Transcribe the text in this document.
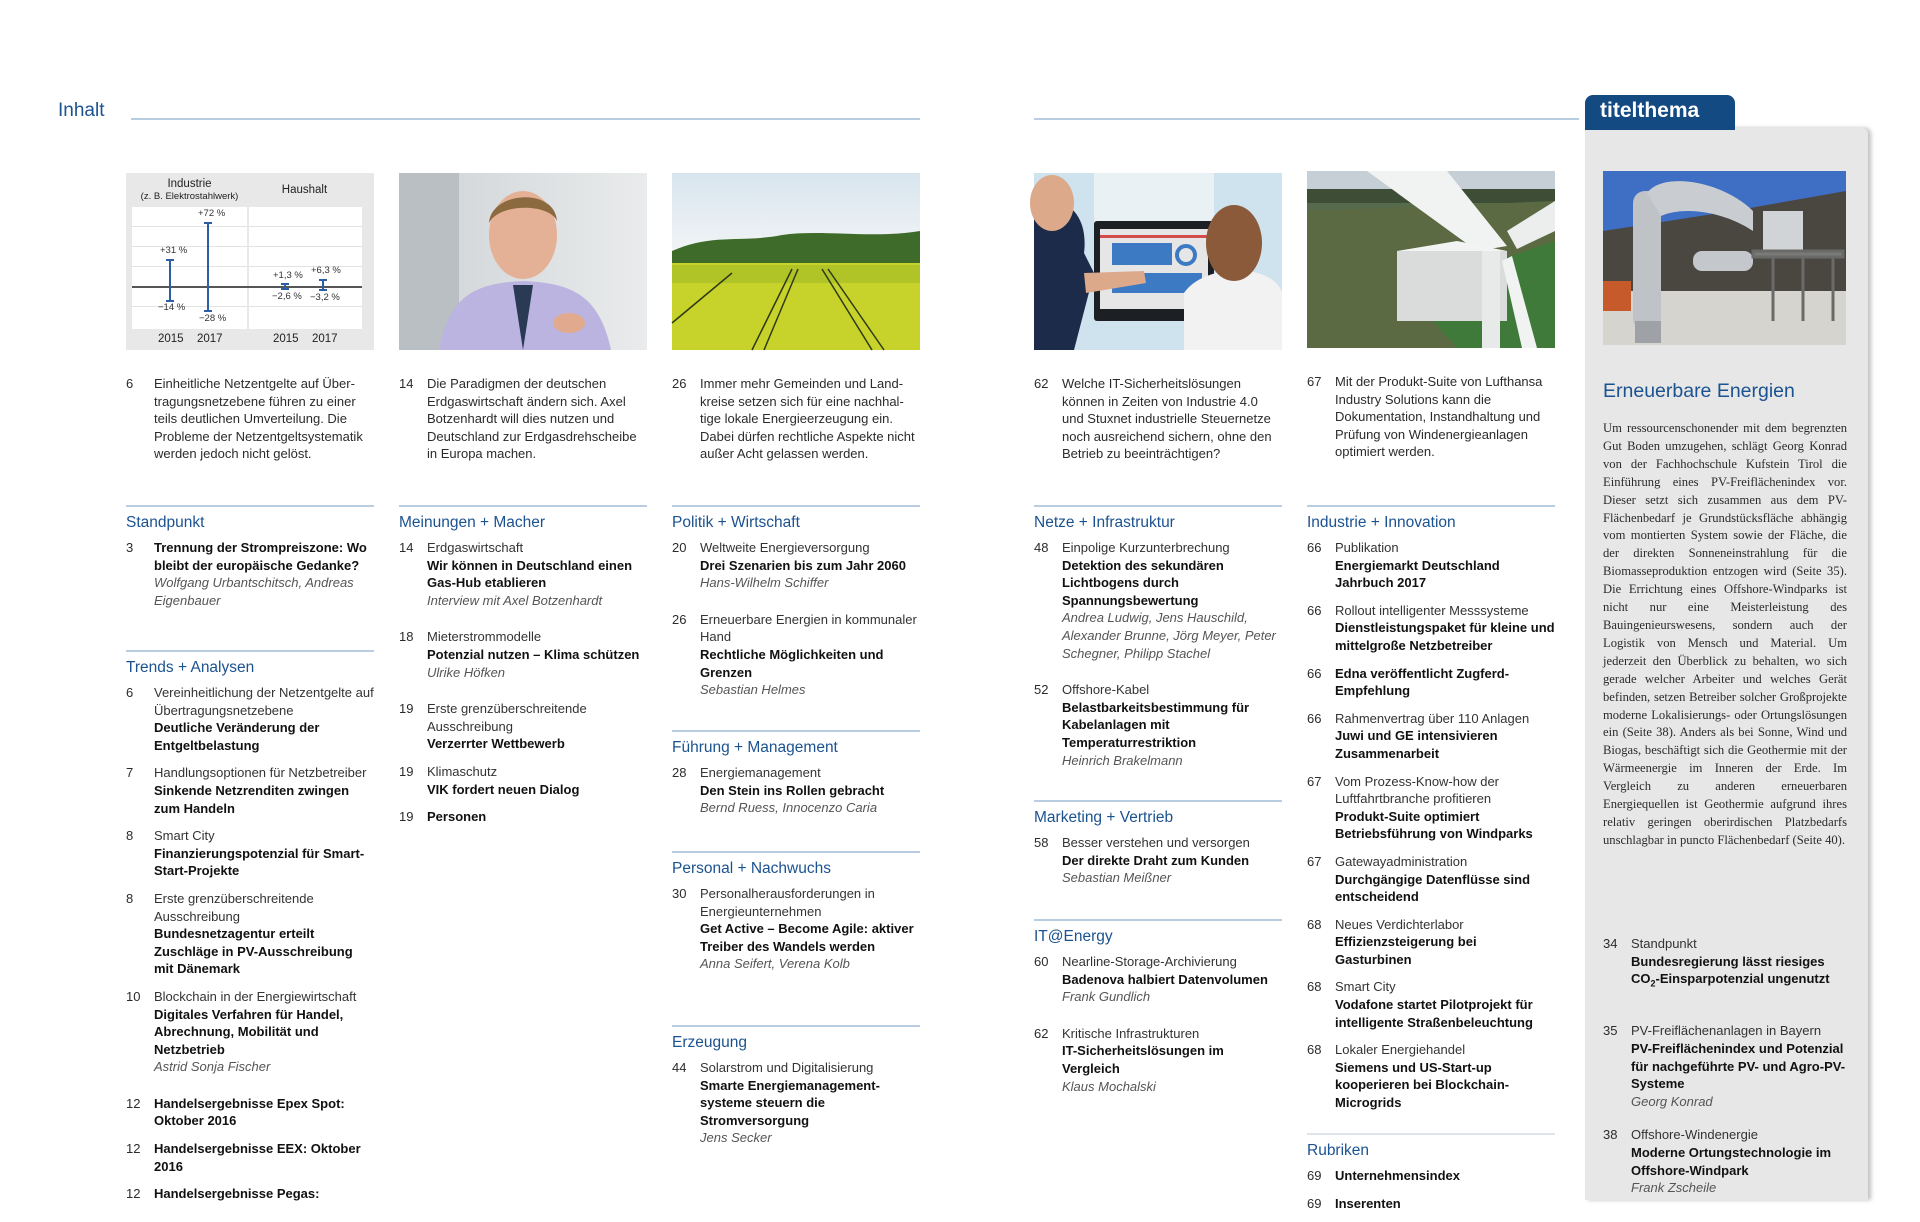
Inhalt
Industrie
(z. B. Elektrostahlwerk)
Haushalt
+31 %
−14 %
+72 %
−28 %
+1,3 %
−2,6 %
+6,3 %
−3,2 %
2015 2017	2015 2017
6	Einheitliche Netzentgelte auf Übertragungsnetzebene führen zu einer teils deutlichen Umverteilung. Die Probleme der Netzentgeltsystematik werden jedoch nicht gelöst.
14	Die Paradigmen der deutschen Erdgaswirtschaft ändern sich. Axel Botzenhardt will dies nutzen und Deutschland zur Erdgasdrehscheibe in Europa machen.
26	Immer mehr Gemeinden und Landkreise setzen sich für eine nachhaltige lokale Energieerzeugung ein. Dabei dürfen rechtliche Aspekte nicht außer Acht gelassen werden.
62	Welche IT-Sicherheitslösungen können in Zeiten von Industrie 4.0 und Stuxnet industrielle Steuernetze noch ausreichend sichern, ohne den Betrieb zu beeinträchtigen?
67	Mit der Produkt-Suite von Lufthansa Industry Solutions kann die Dokumentation, Instandhaltung und Prüfung von Windenergieanlagen optimiert werden.
Standpunkt
3	Trennung der Strompreiszone: Wo bleibt der europäische Gedanke?
Wolfgang Urbantschitsch, Andreas Eigenbauer
Trends + Analysen
6	Vereinheitlichung der Netzentgelte auf Übertragungsnetzebene
Deutliche Veränderung der Entgeltbelastung
7	Handlungsoptionen für Netzbetreiber
Sinkende Netzrenditen zwingen zum Handeln
8	Smart City
Finanzierungspotenzial für Smart-Start-Projekte
8	Erste grenzüberschreitende Ausschreibung
Bundesnetzagentur erteilt Zuschläge in PV-Ausschreibung mit Dänemark
10	Blockchain in der Energiewirtschaft
Digitales Verfahren für Handel, Abrechnung, Mobilität und Netzbetrieb
Astrid Sonja Fischer
12	Handelsergebnisse Epex Spot: Oktober 2016
12	Handelsergebnisse EEX: Oktober 2016
12	Handelsergebnisse Pegas:
Meinungen + Macher
14	Erdgaswirtschaft
Wir können in Deutschland einen Gas-Hub etablieren
Interview mit Axel Botzenhardt
18	Mieterstrommodelle
Potenzial nutzen – Klima schützen
Ulrike Höfken
19	Erste grenzüberschreitende Ausschreibung
Verzerrter Wettbewerb
19	Klimaschutz
VIK fordert neuen Dialog
19	Personen
Politik + Wirtschaft
20	Weltweite Energieversorgung
Drei Szenarien bis zum Jahr 2060
Hans-Wilhelm Schiffer
26	Erneuerbare Energien in kommunaler Hand
Rechtliche Möglichkeiten und Grenzen
Sebastian Helmes
Führung + Management
28	Energiemanagement
Den Stein ins Rollen gebracht
Bernd Ruess, Innocenzo Caria
Personal + Nachwuchs
30	Personalherausforderungen in Energieunternehmen
Get Active – Become Agile: aktiver Treiber des Wandels werden
Anna Seifert, Verena Kolb
Erzeugung
44	Solarstrom und Digitalisierung
Smarte Energiemanagementsysteme steuern die Stromversorgung
Jens Secker
Netze + Infrastruktur
48	Einpolige Kurzunterbrechung
Detektion des sekundären Lichtbogens durch Spannungsbewertung
Andrea Ludwig, Jens Hauschild, Alexander Brunne, Jörg Meyer, Peter Schegner, Philipp Stachel
52	Offshore-Kabel
Belastbarkeitsbestimmung für Kabelanlagen mit Temperaturrestriktion
Heinrich Brakelmann
Marketing + Vertrieb
58	Besser verstehen und versorgen
Der direkte Draht zum Kunden
Sebastian Meißner
IT@Energy
60	Nearline-Storage-Archivierung
Badenova halbiert Datenvolumen
Frank Gundlich
62	Kritische Infrastrukturen
IT-Sicherheitslösungen im Vergleich
Klaus Mochalski
Industrie + Innovation
66	Publikation
Energiemarkt Deutschland Jahrbuch 2017
66	Rollout intelligenter Messsysteme
Dienstleistungspaket für kleine und mittelgroße Netzbetreiber
66	Edna veröffentlicht Zugferd-Empfehlung
66	Rahmenvertrag über 110 Anlagen
Juwi und GE intensivieren Zusammenarbeit
67	Vom Prozess-Know-how der Luftfahrtbranche profitieren
Produkt-Suite optimiert Betriebsführung von Windparks
67	Gatewayadministration
Durchgängige Datenflüsse sind entscheidend
68	Neues Verdichterlabor
Effizienzsteigerung bei Gasturbinen
68	Smart City
Vodafone startet Pilotprojekt für intelligente Straßenbeleuchtung
68	Lokaler Energiehandel
Siemens und US-Start-up kooperieren bei Blockchain-Microgrids
Rubriken
69	Unternehmensindex
69	Inserenten
titelthema
Erneuerbare Energien
Um ressourcenschonender mit dem begrenzten Gut Boden umzugehen, schlägt Georg Konrad von der Fachhochschule Kufstein Tirol die Einführung eines PV-Freiflächenindex vor. Dieser setzt sich zusammen aus dem PV-Flächenbedarf je Grundstücksfläche abhängig vom montierten System sowie der Fläche, die der direkten Sonneneinstrahlung für die Biomasseproduktion entzogen wird (Seite 35). Die Errichtung eines Offshore-Windparks ist nicht nur eine Meisterleistung des Bauingenieurswesens, sondern auch der Logistik von Mensch und Material. Um jederzeit den Überblick zu behalten, wo sich gerade welcher Arbeiter und welches Gerät befinden, setzen Betreiber solcher Großprojekte moderne Lokalisierungs- oder Ortungslösungen ein (Seite 38). Anders als bei Sonne, Wind und Biogas, beschäftigt sich die Geothermie mit der Wärmeenergie im Inneren der Erde. Im Vergleich zu anderen erneuerbaren Energiequellen ist Geothermie aufgrund ihres relativ geringen oberirdischen Platzbedarfs unschlagbar in puncto Flächenbedarf (Seite 40).
34	Standpunkt
Bundesregierung lässt riesiges $CO_2$-Einsparpotenzial ungenutzt
35	PV-Freiflächenanlagen in Bayern
PV-Freiflächenindex und Potenzial für nachgeführte PV- und Agro-PV-Systeme
Georg Konrad
38	Offshore-Windenergie
Moderne Ortungstechnologie im Offshore-Windpark
Frank Zscheile
